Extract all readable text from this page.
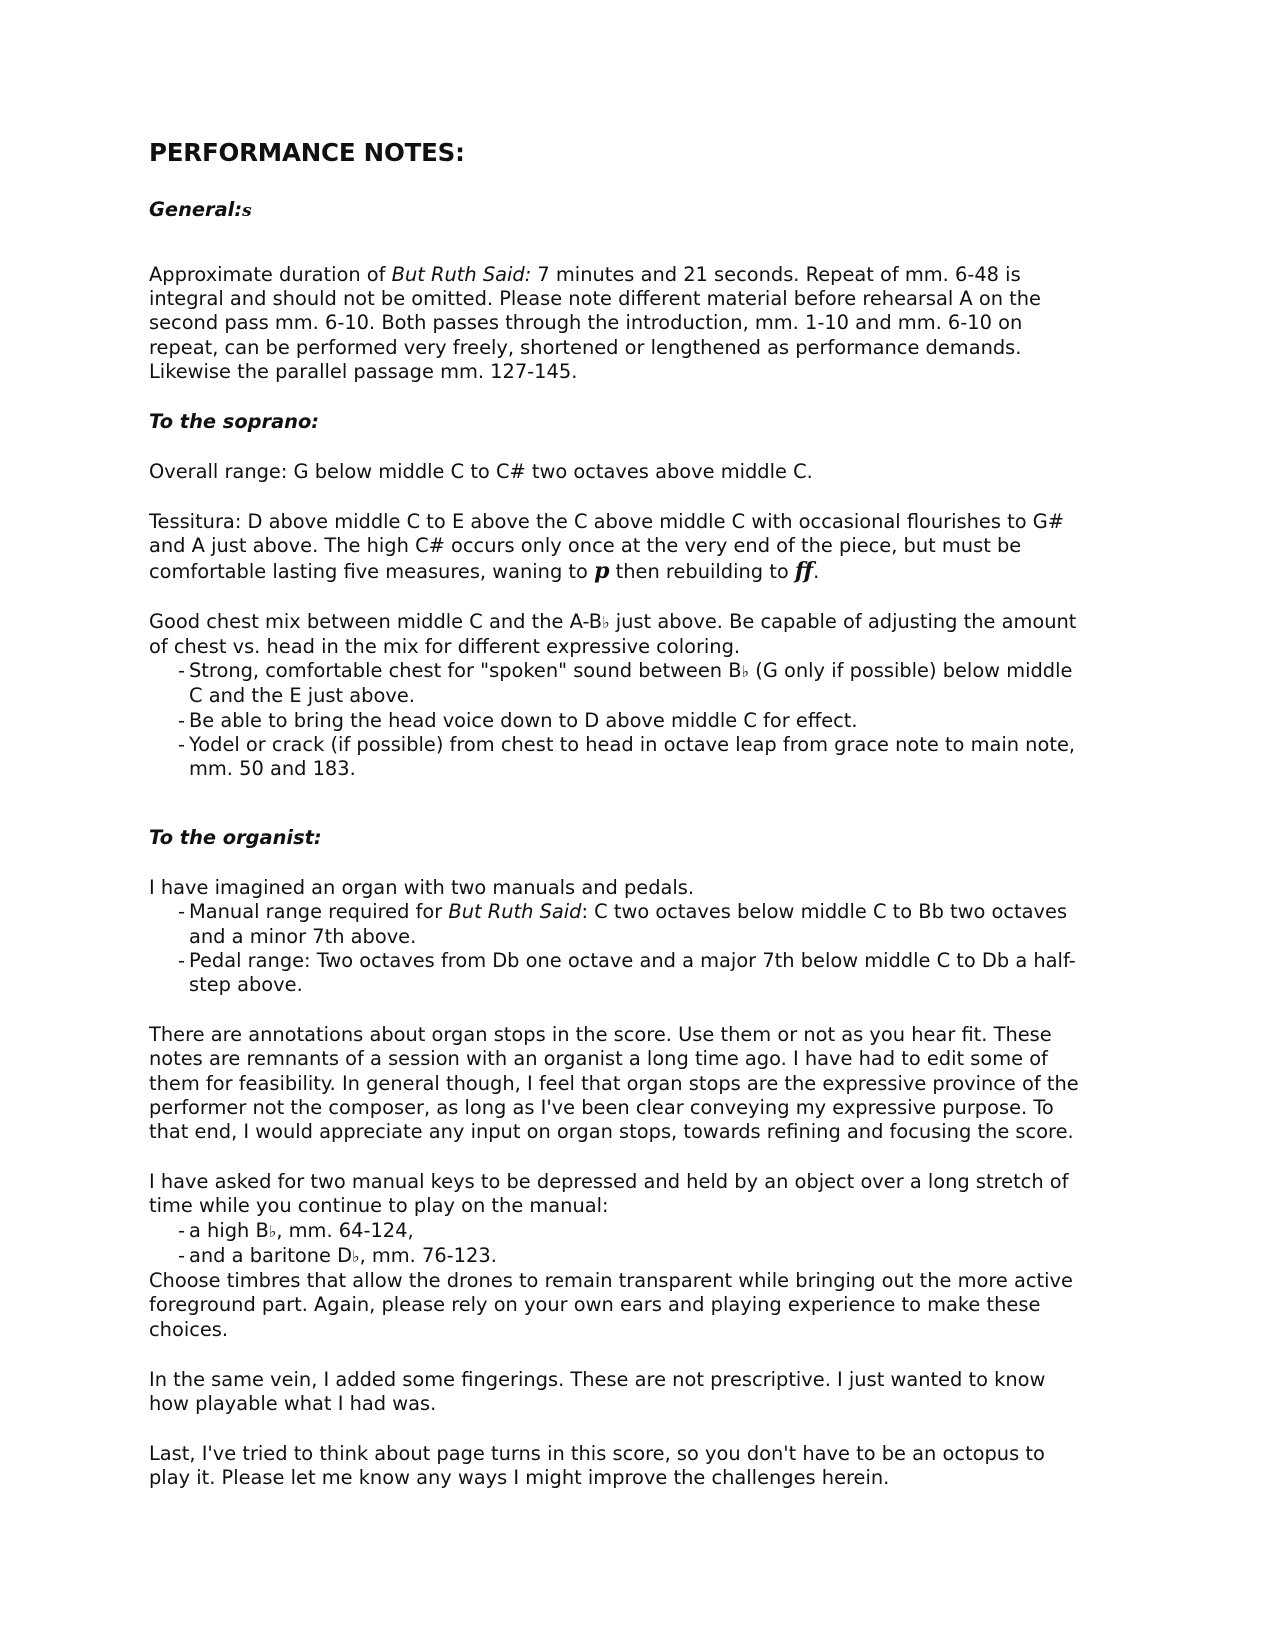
PERFORMANCE NOTES:
General:s

Approximate duration of But Ruth Said: 7 minutes and 21 seconds. Repeat of mm. 6-48 is integral and should not be omitted. Please note different material before rehearsal A on the second pass mm. 6-10. Both passes through the introduction, mm. 1-10 and mm. 6-10 on repeat, can be performed very freely, shortened or lengthened as performance demands. Likewise the parallel passage mm. 127-145.

To the soprano:

Overall range: G below middle C to C# two octaves above middle C.

Tessitura: D above middle C to E above the C above middle C with occasional flourishes to G# and A just above. The high C# occurs only once at the very end of the piece, but must be comfortable lasting five measures, waning to p then rebuilding to ff.

Good chest mix between middle C and the A-B♭ just above. Be capable of adjusting the amount of chest vs. head in the mix for different expressive coloring.

-Strong, comfortable chest for "spoken" sound between B♭ (G only if possible) below middle C and the E just above.
-Be able to bring the head voice down to D above middle C for effect.
-Yodel or crack (if possible) from chest to head in octave leap from grace note to main note, mm. 50 and 183.
To the organist:

I have imagined an organ with two manuals and pedals.

-Manual range required for But Ruth Said: C two octaves below middle C to Bb two octaves and a minor 7th above.
-Pedal range: Two octaves from Db one octave and a major 7th below middle C to Db a half-step above.

There are annotations about organ stops in the score. Use them or not as you hear fit. These notes are remnants of a session with an organist a long time ago. I have had to edit some of them for feasibility. In general though, I feel that organ stops are the expressive province of the performer not the composer, as long as I've been clear conveying my expressive purpose. To that end, I would appreciate any input on organ stops, towards refining and focusing the score.

I have asked for two manual keys to be depressed and held by an object over a long stretch of time while you continue to play on the manual:

-a high B♭, mm. 64-124,
-and a baritone D♭, mm. 76-123.

Choose timbres that allow the drones to remain transparent while bringing out the more active foreground part. Again, please rely on your own ears and playing experience to make these choices.

In the same vein, I added some fingerings. These are not prescriptive. I just wanted to know how playable what I had was.

Last, I've tried to think about page turns in this score, so you don't have to be an octopus to play it. Please let me know any ways I might improve the challenges herein.
